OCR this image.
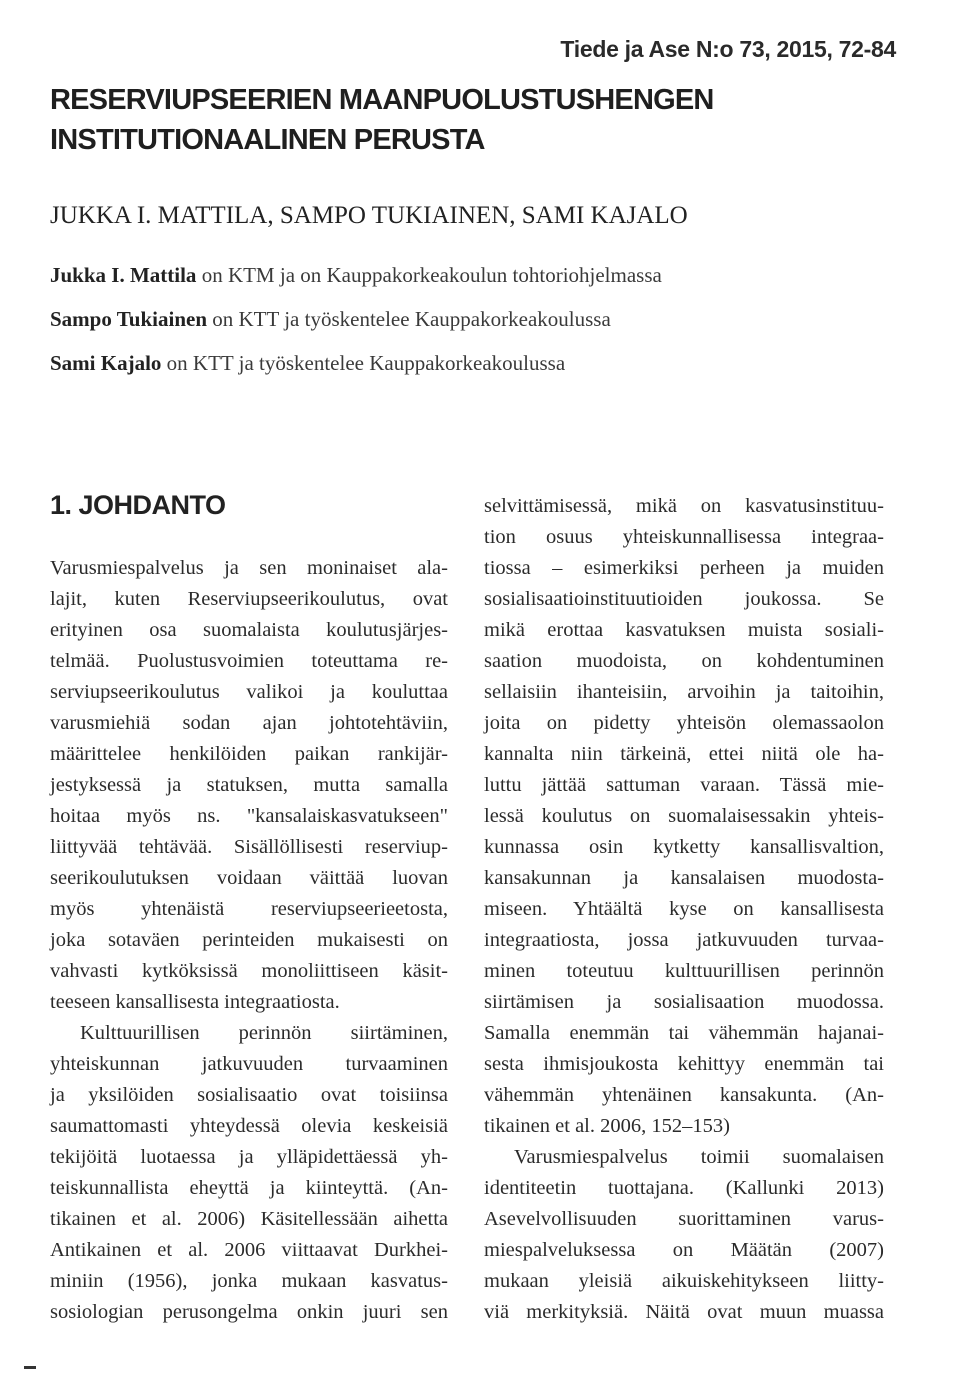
Tiede ja Ase N:o 73, 2015, 72-84
RESERVIUPSEERIEN MAANPUOLUSTUSHENGEN
INSTITUTIONAALINEN PERUSTA
JUKKA I. MATTILA, SAMPO TUKIAINEN, SAMI KAJALO
Jukka I. Mattila on KTM ja on Kauppakorkeakoulun tohtoriohjelmassa
Sampo Tukiainen on KTT ja työskentelee Kauppakorkeakoulussa
Sami Kajalo on KTT ja työskentelee Kauppakorkeakoulussa
1. JOHDANTO
Varusmiespalvelus ja sen moninaiset ala-
lajit, kuten Reserviupseerikoulutus, ovat
erityinen osa suomalaista koulutusjärjes-
telmää. Puolustusvoimien toteuttama re-
serviupseerikoulutus valikoi ja kouluttaa
varusmiehiä sodan ajan johtotehtäviin,
määrittelee henkilöiden paikan rankijär-
jestyksessä ja statuksen, mutta samalla
hoitaa myös ns. "kansalaiskasvatukseen"
liittyvää tehtävää. Sisällöllisesti reserviup-
seerikoulutuksen voidaan väittää luovan
myös yhtenäistä reserviupseerieetosta,
joka sotaväen perinteiden mukaisesti on
vahvasti kytköksissä monoliittiseen käsit-
teeseen kansallisesta integraatiosta.
Kulttuurillisen perinnön siirtäminen,
yhteiskunnan jatkuvuuden turvaaminen
ja yksilöiden sosialisaatio ovat toisiinsa
saumattomasti yhteydessä olevia keskeisiä
tekijöitä luotaessa ja ylläpidettäessä yh-
teiskunnallista eheyttä ja kiinteyttä. (An-
tikainen et al. 2006) Käsitellessään aihetta
Antikainen et al. 2006 viittaavat Durkhei-
miniin (1956), jonka mukaan kasvatus-
sosiologian perusongelma onkin juuri sen
selvittämisessä, mikä on kasvatusinstituu-
tion osuus yhteiskunnallisessa integraa-
tiossa – esimerkiksi perheen ja muiden
sosialisaatioinstituutioiden joukossa. Se
mikä erottaa kasvatuksen muista sosiali-
saation muodoista, on kohdentuminen
sellaisiin ihanteisiin, arvoihin ja taitoihin,
joita on pidetty yhteisön olemassaolon
kannalta niin tärkeinä, ettei niitä ole ha-
luttu jättää sattuman varaan. Tässä mie-
lessä koulutus on suomalaisessakin yhteis-
kunnassa osin kytketty kansallisvaltion,
kansakunnan ja kansalaisen muodosta-
miseen. Yhtäältä kyse on kansallisesta
integraatiosta, jossa jatkuvuuden turvaa-
minen toteutuu kulttuurillisen perinnön
siirtämisen ja sosialisaation muodossa.
Samalla enemmän tai vähemmän hajanai-
sesta ihmisjoukosta kehittyy enemmän tai
vähemmän yhtenäinen kansakunta. (An-
tikainen et al. 2006, 152–153)
Varusmiespalvelus toimii suomalaisen
identiteetin tuottajana. (Kallunki 2013)
Asevelvollisuuden suorittaminen varus-
miespalveluksessa on Määtän (2007)
mukaan yleisiä aikuiskehitykseen liitty-
viä merkityksiä. Näitä ovat muun muassa
